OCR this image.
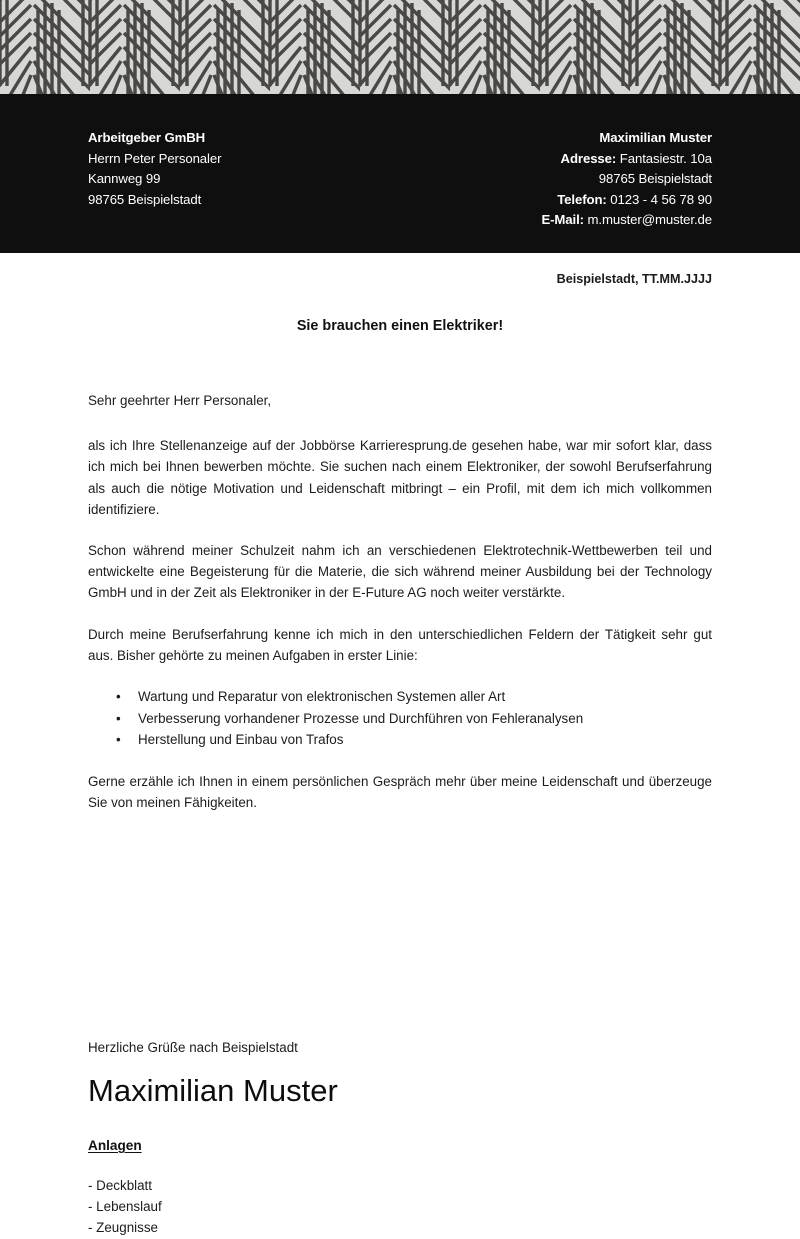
Arbeitgeber GmBH
Herrn Peter Personaler
Kannweg 99
98765 Beispielstadt
Maximilian Muster
Adresse: Fantasiestr. 10a
98765 Beispielstadt
Telefon: 0123 - 4 56 78 90
E-Mail: m.muster@muster.de
Beispielstadt, TT.MM.JJJJ
Sie brauchen einen Elektriker!

Sehr geehrter Herr Personaler,

als ich Ihre Stellenanzeige auf der Jobbörse Karrieresprung.de gesehen habe, war mir sofort klar, dass ich mich bei Ihnen bewerben möchte. Sie suchen nach einem Elektroniker, der sowohl Berufserfahrung als auch die nötige Motivation und Leidenschaft mitbringt – ein Profil, mit dem ich mich vollkommen identifiziere.

Schon während meiner Schulzeit nahm ich an verschiedenen Elektrotechnik-Wettbewerben teil und entwickelte eine Begeisterung für die Materie, die sich während meiner Ausbildung bei der Technology GmbH und in der Zeit als Elektroniker in der E-Future AG noch weiter verstärkte.

Durch meine Berufserfahrung kenne ich mich in den unterschiedlichen Feldern der Tätigkeit sehr gut aus. Bisher gehörte zu meinen Aufgaben in erster Linie:

• Wartung und Reparatur von elektronischen Systemen aller Art
• Verbesserung vorhandener Prozesse und Durchführen von Fehleranalysen
• Herstellung und Einbau von Trafos

Gerne erzähle ich Ihnen in einem persönlichen Gespräch mehr über meine Leidenschaft und überzeuge Sie von meinen Fähigkeiten.

Herzliche Grüße nach Beispielstadt
Maximilian Muster
Anlagen
- Deckblatt
- Lebenslauf
- Zeugnisse
